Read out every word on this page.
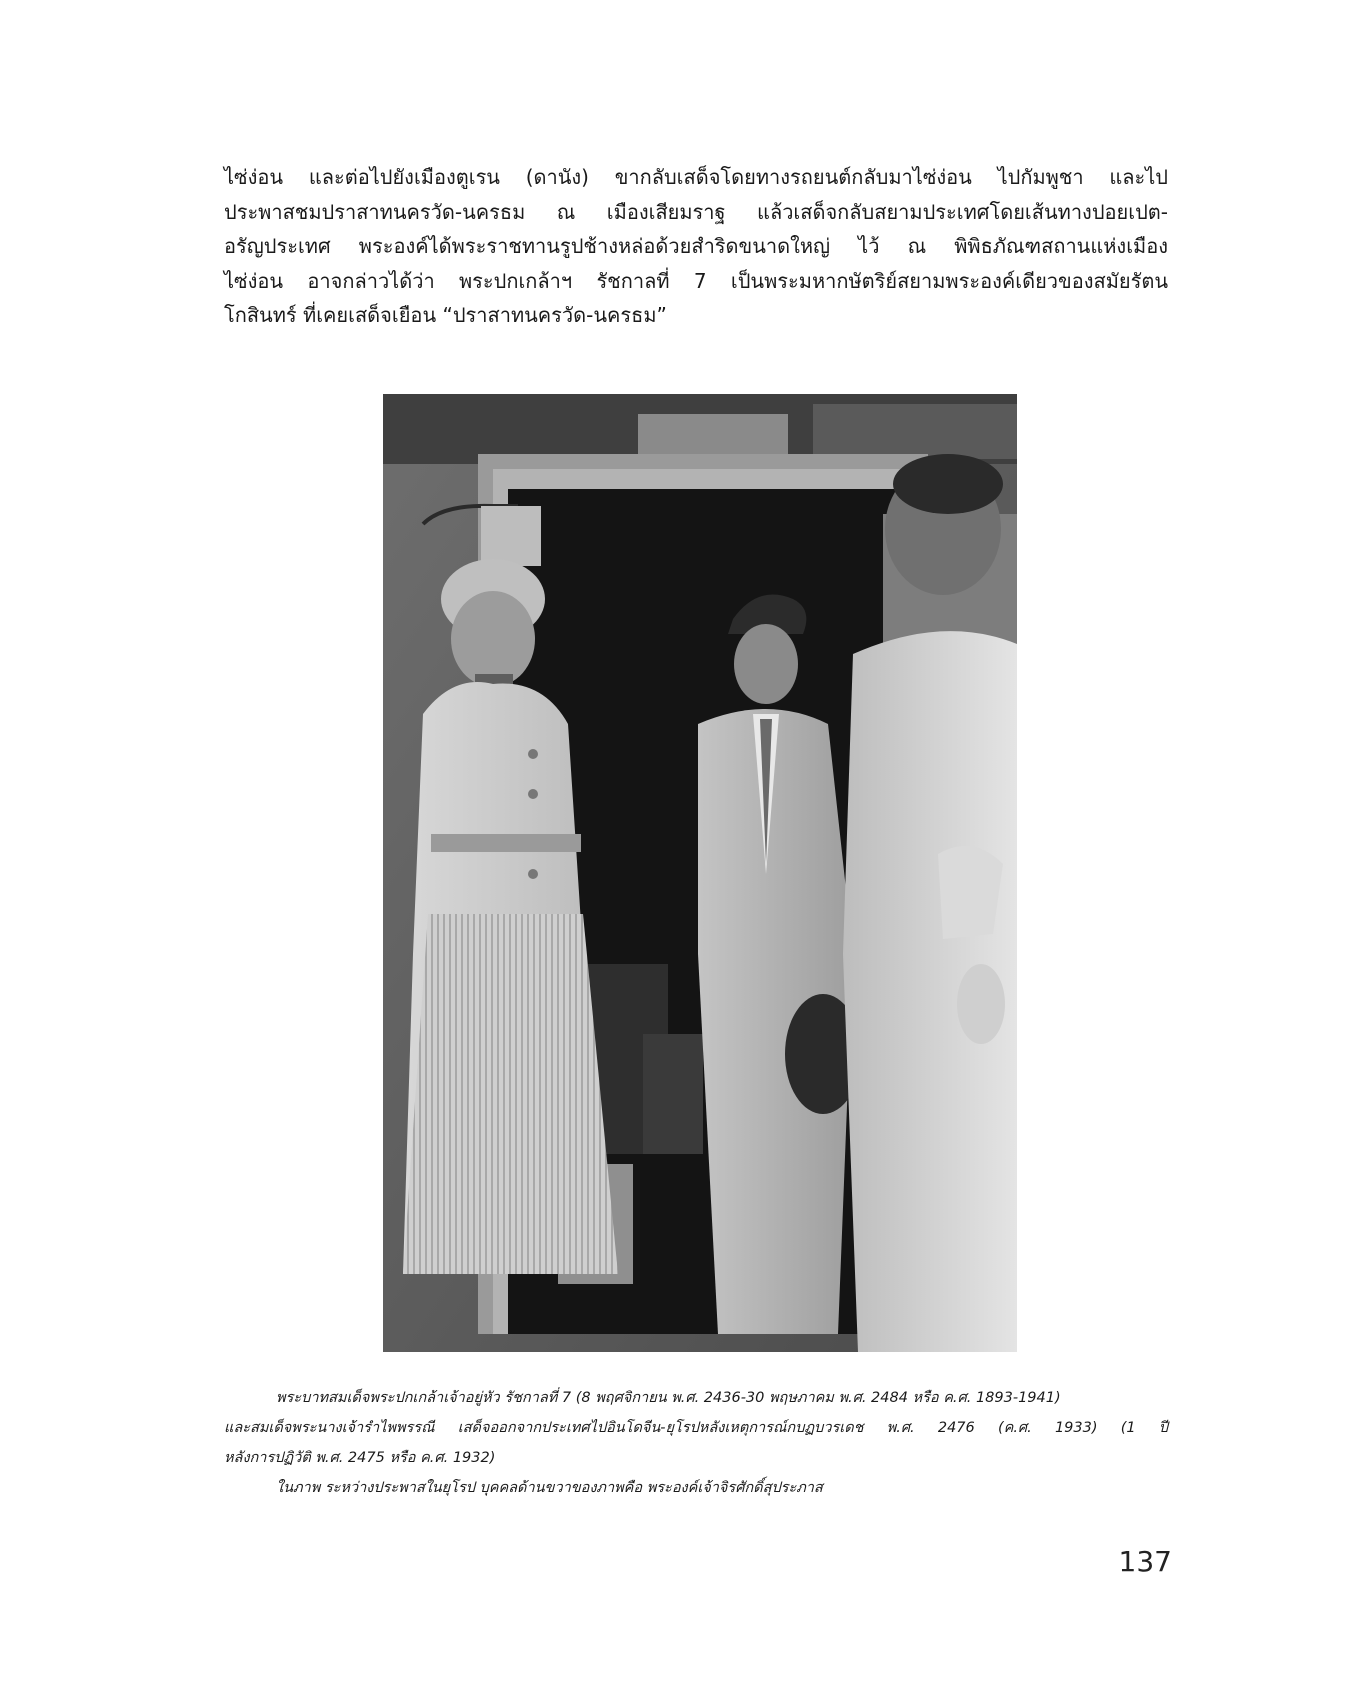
ไซ่ง่อน และต่อไปยังเมืองตูเรน (ดานัง) ขากลับเสด็จโดยทางรถยนต์กลับมาไซ่ง่อน ไปกัมพูชา และไป
ประพาสชมปราสาทนครวัด-นครธม ณ เมืองเสียมราฐ แล้วเสด็จกลับสยามประเทศโดยเส้นทางปอยเปต-
อรัญประเทศ พระองค์ได้พระราชทานรูปช้างหล่อด้วยสำริดขนาดใหญ่ ไว้ ณ พิพิธภัณฑสถานแห่งเมือง
ไซ่ง่อน อาจกล่าวได้ว่า พระปกเกล้าฯ รัชกาลที่ 7 เป็นพระมหากษัตริย์สยามพระองค์เดียวของสมัยรัตน
โกสินทร์ ที่เคยเสด็จเยือน “ปราสาทนครวัด-นครธม”
พระบาทสมเด็จพระปกเกล้าเจ้าอยู่หัว รัชกาลที่ 7 (8 พฤศจิกายน พ.ศ. 2436-30 พฤษภาคม พ.ศ. 2484 หรือ ค.ศ. 1893-1941)
และสมเด็จพระนางเจ้ารำไพพรรณี เสด็จออกจากประเทศไปอินโดจีน-ยุโรปหลังเหตุการณ์กบฏบวรเดช พ.ศ. 2476 (ค.ศ. 1933) (1 ปี
หลังการปฏิวัติ พ.ศ. 2475 หรือ ค.ศ. 1932)
ในภาพ ระหว่างประพาสในยุโรป บุคคลด้านขวาของภาพคือ พระองค์เจ้าจิรศักดิ์สุประภาส
137
